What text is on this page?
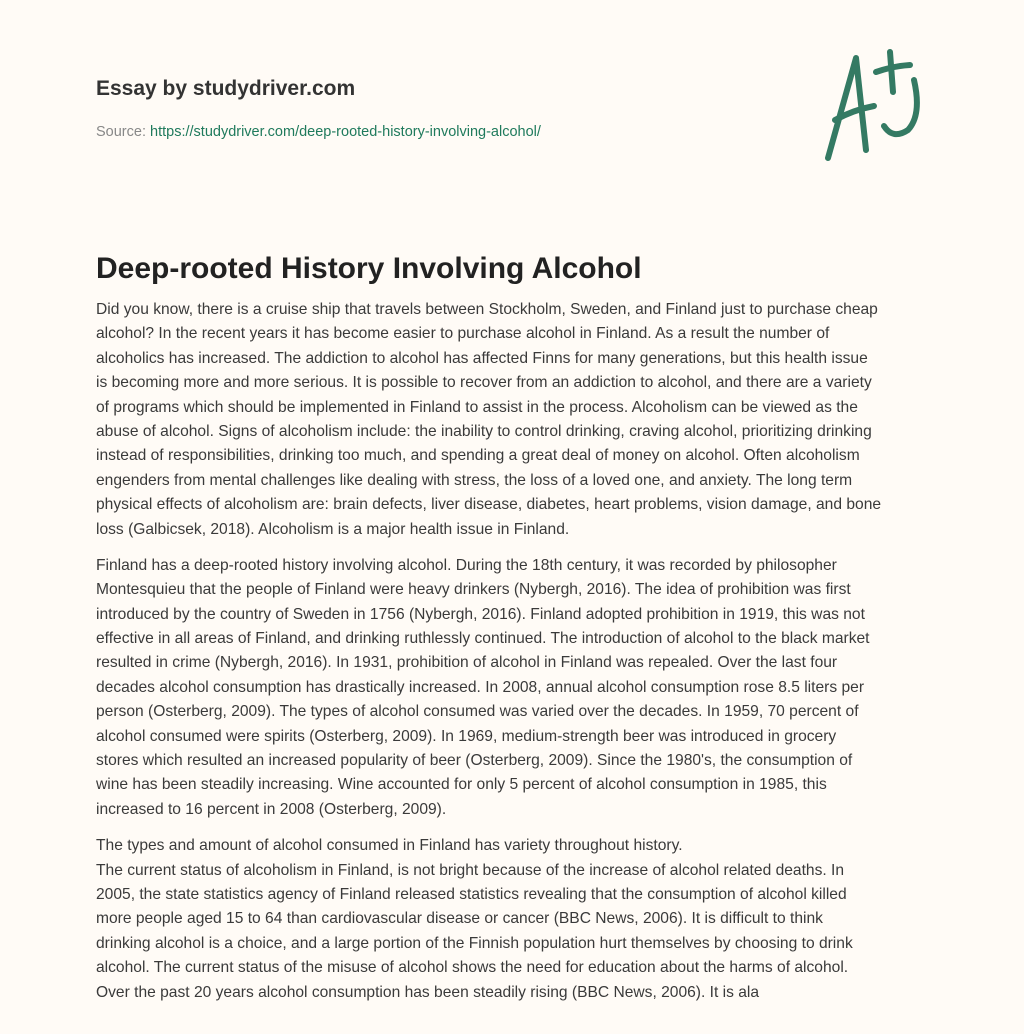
Essay by studydriver.com
Source: https://studydriver.com/deep-rooted-history-involving-alcohol/
Deep-rooted History Involving Alcohol
Did you know, there is a cruise ship that travels between Stockholm, Sweden, and Finland just to purchase cheap
alcohol? In the recent years it has become easier to purchase alcohol in Finland. As a result the number of
alcoholics has increased. The addiction to alcohol has affected Finns for many generations, but this health issue
is becoming more and more serious. It is possible to recover from an addiction to alcohol, and there are a variety
of programs which should be implemented in Finland to assist in the process. Alcoholism can be viewed as the
abuse of alcohol. Signs of alcoholism include: the inability to control drinking, craving alcohol, prioritizing drinking
instead of responsibilities, drinking too much, and spending a great deal of money on alcohol. Often alcoholism
engenders from mental challenges like dealing with stress, the loss of a loved one, and anxiety. The long term
physical effects of alcoholism are: brain defects, liver disease, diabetes, heart problems, vision damage, and bone
loss (Galbicsek, 2018). Alcoholism is a major health issue in Finland.
Finland has a deep-rooted history involving alcohol. During the 18th century, it was recorded by philosopher
Montesquieu that the people of Finland were heavy drinkers (Nybergh, 2016). The idea of prohibition was first
introduced by the country of Sweden in 1756 (Nybergh, 2016). Finland adopted prohibition in 1919, this was not
effective in all areas of Finland, and drinking ruthlessly continued. The introduction of alcohol to the black market
resulted in crime (Nybergh, 2016). In 1931, prohibition of alcohol in Finland was repealed. Over the last four
decades alcohol consumption has drastically increased. In 2008, annual alcohol consumption rose 8.5 liters per
person (Osterberg, 2009). The types of alcohol consumed was varied over the decades. In 1959, 70 percent of
alcohol consumed were spirits (Osterberg, 2009). In 1969, medium-strength beer was introduced in grocery
stores which resulted an increased popularity of beer (Osterberg, 2009). Since the 1980's, the consumption of
wine has been steadily increasing. Wine accounted for only 5 percent of alcohol consumption in 1985, this
increased to 16 percent in 2008 (Osterberg, 2009).
The types and amount of alcohol consumed in Finland has variety throughout history.
The current status of alcoholism in Finland, is not bright because of the increase of alcohol related deaths. In
2005, the state statistics agency of Finland released statistics revealing that the consumption of alcohol killed
more people aged 15 to 64 than cardiovascular disease or cancer (BBC News, 2006). It is difficult to think
drinking alcohol is a choice, and a large portion of the Finnish population hurt themselves by choosing to drink
alcohol. The current status of the misuse of alcohol shows the need for education about the harms of alcohol.
Over the past 20 years alcohol consumption has been steadily rising (BBC News, 2006). It is ala
